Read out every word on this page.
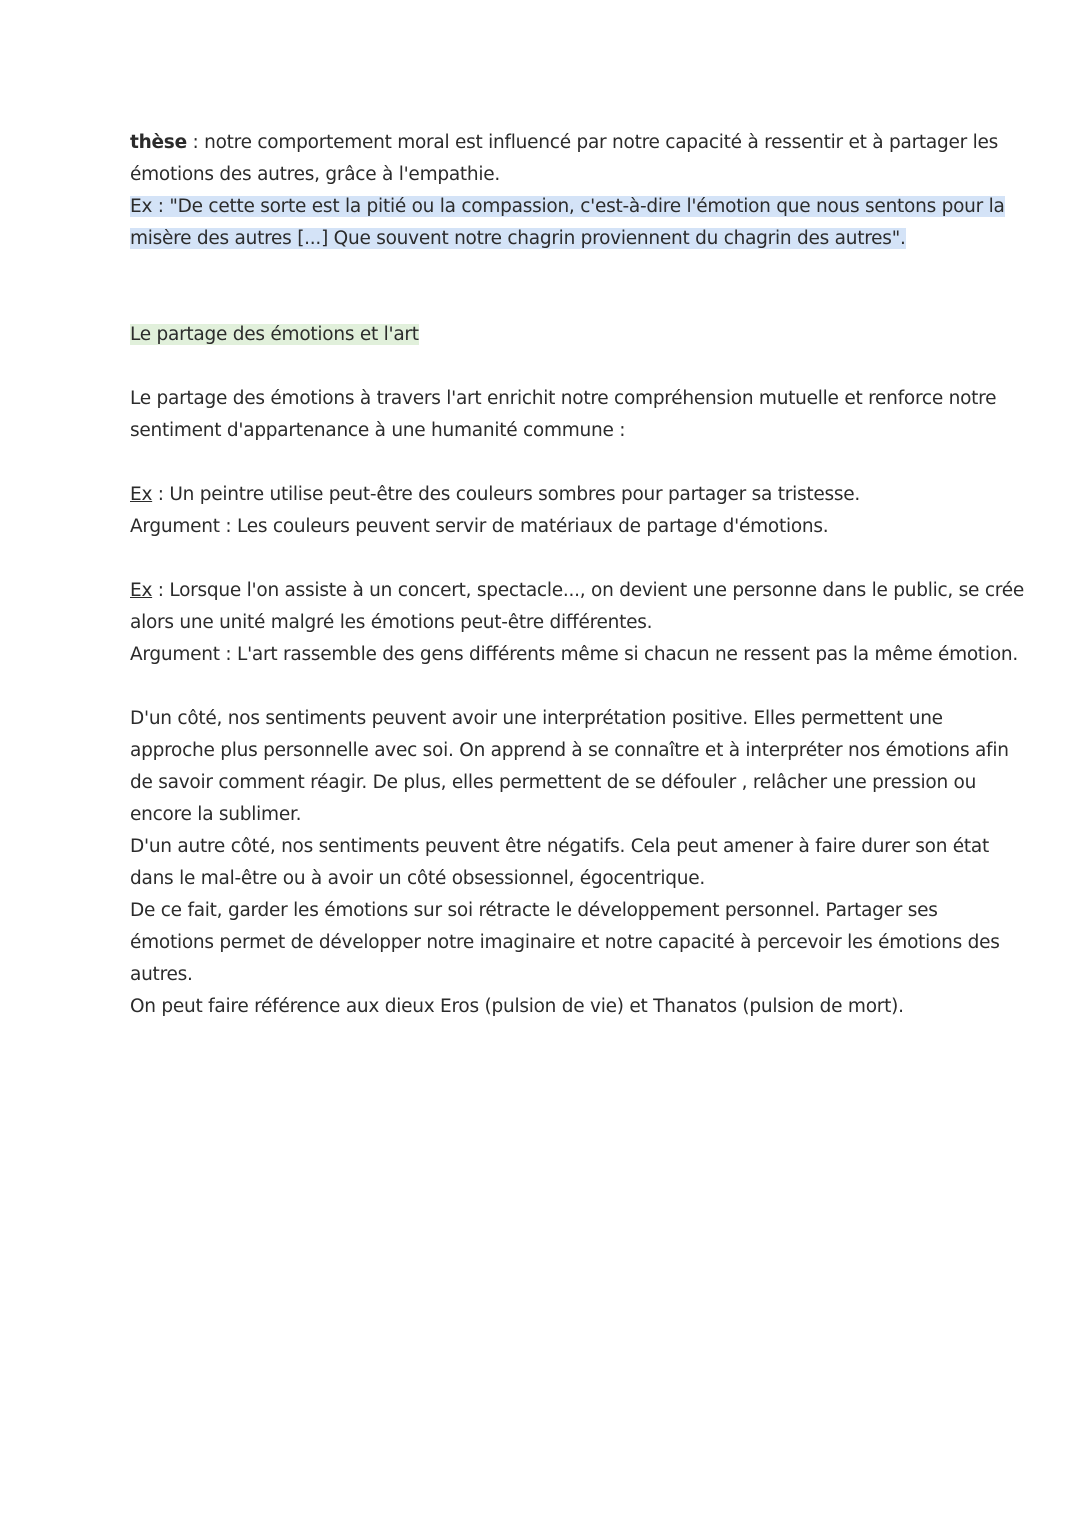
thèse : notre comportement moral est influencé par notre capacité à ressentir et à partager les
émotions des autres, grâce à l'empathie.
Ex : "De cette sorte est la pitié ou la compassion, c'est-à-dire l'émotion que nous sentons pour la
misère des autres [...] Que souvent notre chagrin proviennent du chagrin des autres".
Le partage des émotions et l'art
Le partage des émotions à travers l'art enrichit notre compréhension mutuelle et renforce notre
sentiment d'appartenance à une humanité commune :
Ex : Un peintre utilise peut-être des couleurs sombres pour partager sa tristesse.
Argument : Les couleurs peuvent servir de matériaux de partage d'émotions.
Ex : Lorsque l'on assiste à un concert, spectacle..., on devient une personne dans le public, se crée
alors une unité malgré les émotions peut-être différentes.
Argument : L'art rassemble des gens différents même si chacun ne ressent pas la même émotion.
D'un côté, nos sentiments peuvent avoir une interprétation positive. Elles permettent une
approche plus personnelle avec soi. On apprend à se connaître et à interpréter nos émotions afin
de savoir comment réagir. De plus, elles permettent de se défouler , relâcher une pression ou
encore la sublimer.
D'un autre côté, nos sentiments peuvent être négatifs. Cela peut amener à faire durer son état
dans le mal-être ou à avoir un côté obsessionnel, égocentrique.
De ce fait, garder les émotions sur soi rétracte le développement personnel. Partager ses
émotions permet de développer notre imaginaire et notre capacité à percevoir les émotions des
autres.
On peut faire référence aux dieux Eros (pulsion de vie) et Thanatos (pulsion de mort).
